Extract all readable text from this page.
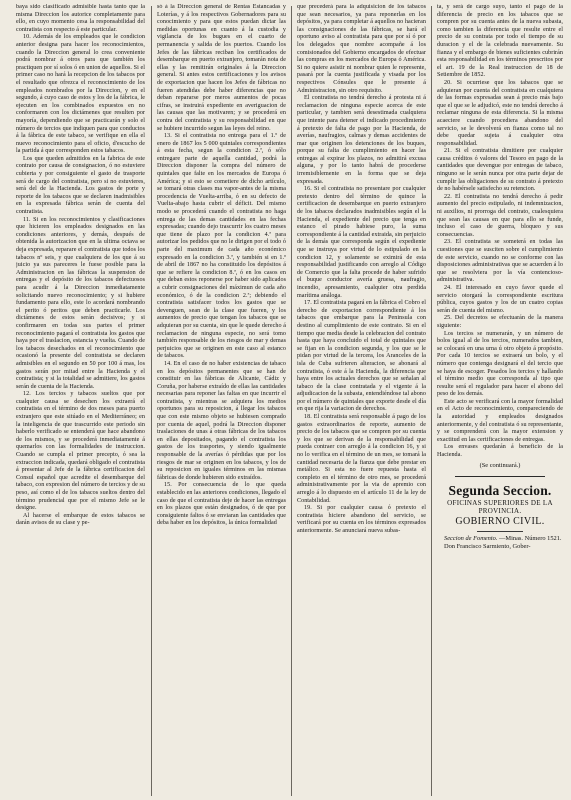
baya sido clasificado admisible hasta tanto que la misma Direccion los autorice completamente para ello, en cuyo momento cesa la responsabilidad del contratista con respecto á este particular.

10. Además de los empleados que le condicion anterior designa para hacer los reconocimientos, cuando la Direccion general lo crea conveniente podrá nombrar á otros para que también los practiquen por sí solos ó en union de aquellos. Si el primer caso no hará la recepcion de los tabacos por el resultado que ofrezca el reconocimiento de los empleados nombrados por la Direccion, y en el segundo, á cuyo caso de estos y los de la fábrica, le ejecuten en los combinados expuestos en no conformaren con los dictámenes que resulten por mayoría, dependiendo que se practicarán y solo el número de tercios que indiquen para que conductos á la fábrica de este tabaco, se verifique en ella el nuevo reconocimiento para el oficio, d'escucho de la partida á que corresponden estos tabacos.

Los que queden admitidos en la fabrica de este contrato por causa de consignacion, ó no estuviere cubierta y por consiguiente el gasto de trasporte será de cargo del contratista, pero si no estuvieres, será del de la Hacienda. Los gastos de porte y reporte de los tabacos que se declaren inadmisibles en la expresada fábrica serán de cuenta del contratista.

11. Si en los reconocimientos y clasificaciones que hicieren los empleados designados en las condiciones anteriores, y demás, después de obtenida la autorizacion que en la ultima octava se deja expresada, reparare el contratista que todos los tabacos nº seis, y que cualquiera de los que á su juicio ya sus pareceres le fuese posible para la Administracion en las fábricas la suspension de entregas y el depósito de los tabacos defectuosos para acudir á la Direccion inmediatamente solicitando nuevo reconocimiento; y si hubiere fundamento para ello, este lo acordará nombrando el perito ó peritos que deben practicarle. Los dictámenes de estos serán decisivos; y si confirmaren en todas sus partes el primer reconocimiento pagará el contratista los gastos que haya por el traslacion, estancia y vuelta. Cuando de los tabacos desechados en el reconocimiento que ocasionó la presente del contratista se declaren admisibles en el segundo en 50 por 100 á mas, los gastos serán por mitad entre la Hacienda y el contratista; y si la totalidad se admitiere, los gastos serán de cuenta de la Hacienda.

12. Los tercios y tabacos sueltos que por cualquier causa se desechen los extraerá el contratista en el término de dos meses para puerto extranjero que este sitúado en el Mediterráneo; en la inteligencia de que trascurrido este periodo sin haberlo verificado se entenderá que hace abandono de los mismos, y se procederá inmediatamente á quemarlos con las formalidades de instruccion. Cuando se cumpla el primer precepto, ó sea la extraccion indicada, quedará obligado el contratista á presentar al Jefe de la fábrica certificacion del Consul español que acredite el desembarque del tabaco, con expresion del número de tercios y de su peso, así como el de los tabacos sueltos dentro del término prudencial que por el mismo Jefe se le designe.

Al hacerse el embarque de estos tabacos se darán avisos de su clase y pe-

só á la Direccion general de Rentas Estancadas y Loterías, y á los respectivos Gobernadores para su conocimiento y para que estos puedan dictar las medidas oportunas en cuanto á la custodia y vigilancia de los bugues en el cuarto de permanencia y salida de los puertos. Cuando los Jefes de las fábricas reciban los certificados de desembarque en puerto extranjero, tomarán nota de ellas y las remitirán originales á la Direccion general. Si antes estos certificaciones y los avisos de exportacion que hacen los Jefes de fábricas no fueren atendidas debe haber diferencias que no deban repararse por meros aumentos de pocas cifras, se instruirá expediente en averiguacion de las causas que las motivaren; y se procederá en contra del contratista y su responsabilidad en que se hubiere incurrido segun las leyes del reino.

13. Si el contratista no entrega para el 1.º de enero de 1867 los 5 000 quintales correspondientes á esta fecha, segun la condicion 2.ª, ó sólo entregare parte de aquella cantidad, podrá la Direccion disponer la compra del número de quintales que falte en los mercados de Europa ó América; y si esto se cometiere de dicho artículo, se tomará otras clases ma vapor-antes de la misma procedencia de Vuelta-arriba, ó en su defecto de Vuelta-abajo hasta cubrir el déficit. Del mismo modo se procederá cuando el contratista no haga entrega de las demas cantidades en las fechas expresadas; cuando dejo trascurrir los cuatro meses que tiene de plazo por la condicion 4.ª para autorizar los pedidos que no le dirigen por el todo ó parte del maximum de cada año económico expresado en la condicion 3.ª, y también si en 1.º de abril de 1867 no ha constituido los depósitos á que se refiere la condicion 8.ª, ó en los casos en que deban estos reponerse por haber sido aplicados a cubrir consignaciones del máximun de cada año económico, ó de la condicion 2.ª; debiendo el contratista satisfacer todos los gastos que se devenguen, sean de la clase que fueren, y los aumentos de precio que tengan los tabacos que se adquieran por su cuenta, sin que le quede derecho á reclamacion de ninguna especie, no será tomo también responsable de los riesgos de mar y demas perjuicios que se originen en este caso al estanco de tabacos.

14. En el caso de no haber existencias de tabaco en los depósitos permanentes que se han de constituir en las fábricas de Alicante, Cádiz y Coruña, por haberse extraído de ellas las cantidades necesarias para reponer las faltas en que incurrir el contratista, y mientras se adquiera los medios oportunos para su reposicion, á llegar los tabacos que con este mismo objeto se hubiesen comprado por cuenta de aquel, podrá la Direccion disponer traslaciones de unas á otras fábricas de los tabacos en ellas depositados, pagando el contratista los gastos de los trasportes, y siendo igualmente responsable de la averías ó pérdidas que por los riesgos de mar se originen en los tabacos, y los de su reposicion en iguales términos en las mismas fábricas de donde hubieren sido extraídos.

15. Por consecuencia de lo que queda establecido en las anteriores condiciones, llegado el caso de que el contratista deje de hacer las entregas en los plazos que están designados, ó de que por consiguiente faltos ó se enviaran las cantidades que deba haber en los depósitos, la única formalidad

que precederá para la adquisicion de los tabacos que sean necesarios, ya para reponerlas en los depósitos, ya para completar á aquellos no hacieran las consignaciones de las fábricas, se hará el oportuno aviso al contratista para que por sí ó por los delegados que nombre acompañe á los comisionados del Gobierno encargados de efectuar las compras en los mercados de Europa ó América. Si no quiere asistir ni nombrar quien le represente, pasará por la cuenta justificada y visada por los respectivos Cónsules que le presente á Administracion, sin otro requisito.

El contratista no tendrá derecho á protesta ni á reclamacion de ninguna especie acerca de este particular, y tambien será desestimada cualquiera que intente para detener el indicado procedimiento á pretexto de falta de pago por la Hacienda, de averías, naufragios, calmas y demas accidentes de mar que originen los detenciones de los buques, porque su falta de cumplimiento en hacer las entregas al expirar los plazos, no admitirá excusa alguna, y por lo tanto habrá de procederse irremisiblemente en la forma que se deja expresada.

16. Si el contratista no presentare por cualquier pretexto dentro del término de quince la certificacion de desembarque en puerto extranjero de los tabacos declarados inadmisibles según el la Hacienda, el expediente del precio que tenga en estanco el pirado habiese puro, la suma correspondiente á la cantidad extraida, sin perjuicio de la demás que corresponda según el expediente que se instruya por virtud de lo estipulado en la condicion 12, y solamente se eximirá de esta responsabilidad justificando con arreglo al Código de Comercio que la falta procede de haber sufrido el buque conductor avería gruesa, naufragio, incendio, apresamiento, cualquier otra perdida marítima análoga.

17. El contratista pagará en la fábrica el Cobro el derecho de exportacion correspondiente á los tabacos que embarque para la Peninsula con destino al cumplimiento de este contrato. Si en el tiempo que media desde la celebracion del contrato hasta que haya concluido el total de quintales que se fijan en la condicion segunda, y los que se le pidan por virtud de la tercera, los Aranceles de la isla de Cuba sufrieren alteracion, se abonará al contratista, ó este á la Hacienda, la diferencia que haya entre los actuales derechos que se señalan al tabaco de la clase contratada y el vigente á la adjudicacion de la subasta, entendiéndose tal abono por el número de quintales que exporte desde el día en que rija la variacion de derechos.

18. El contratista será responsable á pago de los gastos extraordinarios de reporte, aumento de precio de los tabacos que se compren por su cuenta y los que se derivan de la responsabilidad que pueda contraer con arreglo á la condicion 16, y si no lo verifica en el término de un mes, se tomará la cantidad necesaria de la fianza que debe prestar en metálico. Si esta no fuere repuesta hasta el completo en el término de otro mes, se procederá administrativamente por la via de apremio con arreglo á lo dispuesto en el artículo 11 de la ley de Contabilidad.

19. Si por cualquier causa ó pretexto el contratista hiciere abandono del servicio, se verificará por su cuenta en los términos expresados anteriormente. Se anunciará nueva subas-

ta, y será de cargo suyo, tanto el pago de la diferencia de precio en los tabacos que se compren por su cuenta antes de la nueva subasta, como tambien la diferencia que resulte entre el precio de su contrata por todo el tiempo de su duracion y el de la celebrada nuevamente. Su fianza y el embargo de bienes suficientes cubrirán esta responsabilidad en los términos prescritos por el art. 19 de la Real instruccion de 18 de Setiembre de 1852.

20. Si ocurriese que los tabacos que se adquieran por cuenta del contratista en cualquiera de las formas expresadas sean á precio más bajo que el que se le adjudicó, este no tendrá derecho á reclamar ninguna de esta diferencia. Si la misma acaeciere cuando procediera abandono del servicio, se le devolverá en fianza como tal no debe quedar sujeta á cualquier otra responsabilidad.

21. Si el contratista dimitiere por cualquier causa créditos ó valores del Tesoro en pago de la cantidades que devengue por entregas de tabaco, ninguno se le serán nunca por otra parte dejar de cumplir las obligaciones de su contrato á pretexto de no habérsele satisfecho su retencion.

22. El contratista no tendrá derecho á pedir aumento del precio estipulado, ni indemnizacion, ni auxilios, ni prorroga del contrato, cualesquiera que sean las causas en que para ello se funde, incluso el caso de guerra, bloqueo y sus consecuencias.

23. El contratista se someterá en todas las cuestiones que se susciten sobre el cumplimiento de este servicio, cuando no se conforme con las disposiciones administrativas que se acuerden á lo que se resolviera por la vía contencioso-administrativa.

24. El interesado en cuyo favor quede el servicio otorgará la correspondiente escritura pública, cuyos gastos y los de un cuatro copias serán de cuenta del mismo.

25. Del decretos se efectuarán de la manera siguiente:

Los tercios se numerarán, y un número de bolos igual al de los tercios, numerados tambien, se colocará en una urna ú otro objeto á propósito. Por cada 10 tercios se extraerá un bolo, y el número que contenga designará el del tercio que se haya de escoger. Pesados los tercios y hallando el término medio que corresponda al tipo que resulte será el regulador para hacer el abono del peso de los demás.

Este acto se verificará con la mayor formalidad en el Acto de reconocimiento, compareciendo de la autoridad y empleados designados anteriormente, y del contratista ó su representante, y se comprenderá con la mayor extension y exactitud en las certificaciones de entregas.

Los envases quedarán á beneficio de la Hacienda.

(Se continuará.)

Segunda Seccion.

OFICINAS SUPERIORES DE LA PROVINCIA.

GOBIERNO CIVIL.

Seccion de Fomento. —Minas. Número 1521.

Don Francisco Sarmiento, Gober-
